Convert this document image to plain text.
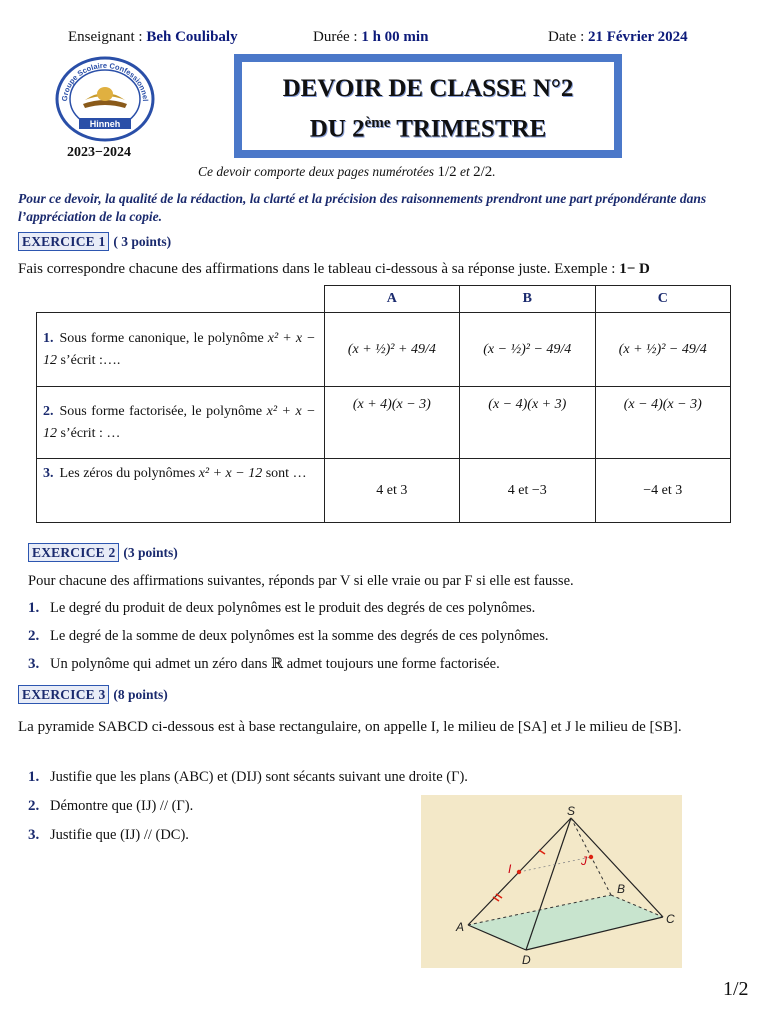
Enseignant : Beh Coulibaly	Durée : 1 h 00 min	Date : 21 Février 2024
Hinneh
Groupe Scolaire Confessionnel
2023−2024
DEVOIR DE CLASSE N°2
DU 2ème TRIMESTRE
Ce devoir comporte deux pages numérotées 1/2 et 2/2.
Pour ce devoir, la qualité de la rédaction, la clarté et la précision des raisonnements prendront une part prépondérante dans l’appréciation de la copie.
EXERCICE 1 ( 3 points)
Fais correspondre chacune des affirmations dans le tableau ci-dessous à sa réponse juste. Exemple : 1− D
	A	B	C
1. Sous forme canonique, le polynôme x² + x − 12 s’écrit :….	(x + ½)² + 49/4	(x − ½)² − 49/4	(x + ½)² − 49/4
2. Sous forme factorisée, le polynôme x² + x − 12 s’écrit : …	(x + 4)(x − 3)	(x − 4)(x + 3)	(x − 4)(x − 3)
3. Les zéros du polynômes x² + x − 12 sont …	4 et 3	4 et −3	−4 et 3
EXERCICE 2 (3 points)
Pour chacune des affirmations suivantes, réponds par V si elle vraie ou par F si elle est fausse.
1. Le degré du produit de deux polynômes est le produit des degrés de ces polynômes.
2. Le degré de la somme de deux polynômes est la somme des degrés de ces polynômes.
3. Un polynôme qui admet un zéro dans ℝ admet toujours une forme factorisée.
EXERCICE 3 (8 points)
La pyramide SABCD ci-dessous est à base rectangulaire, on appelle I, le milieu de [SA] et J le milieu de [SB].
1. Justifie que les plans (ABC) et (DIJ) sont sécants suivant une droite (Γ).
2. Démontre que (IJ) // (Γ).
3. Justifie que (IJ) // (DC).
S
I
J
A
B
C
D
1/2
